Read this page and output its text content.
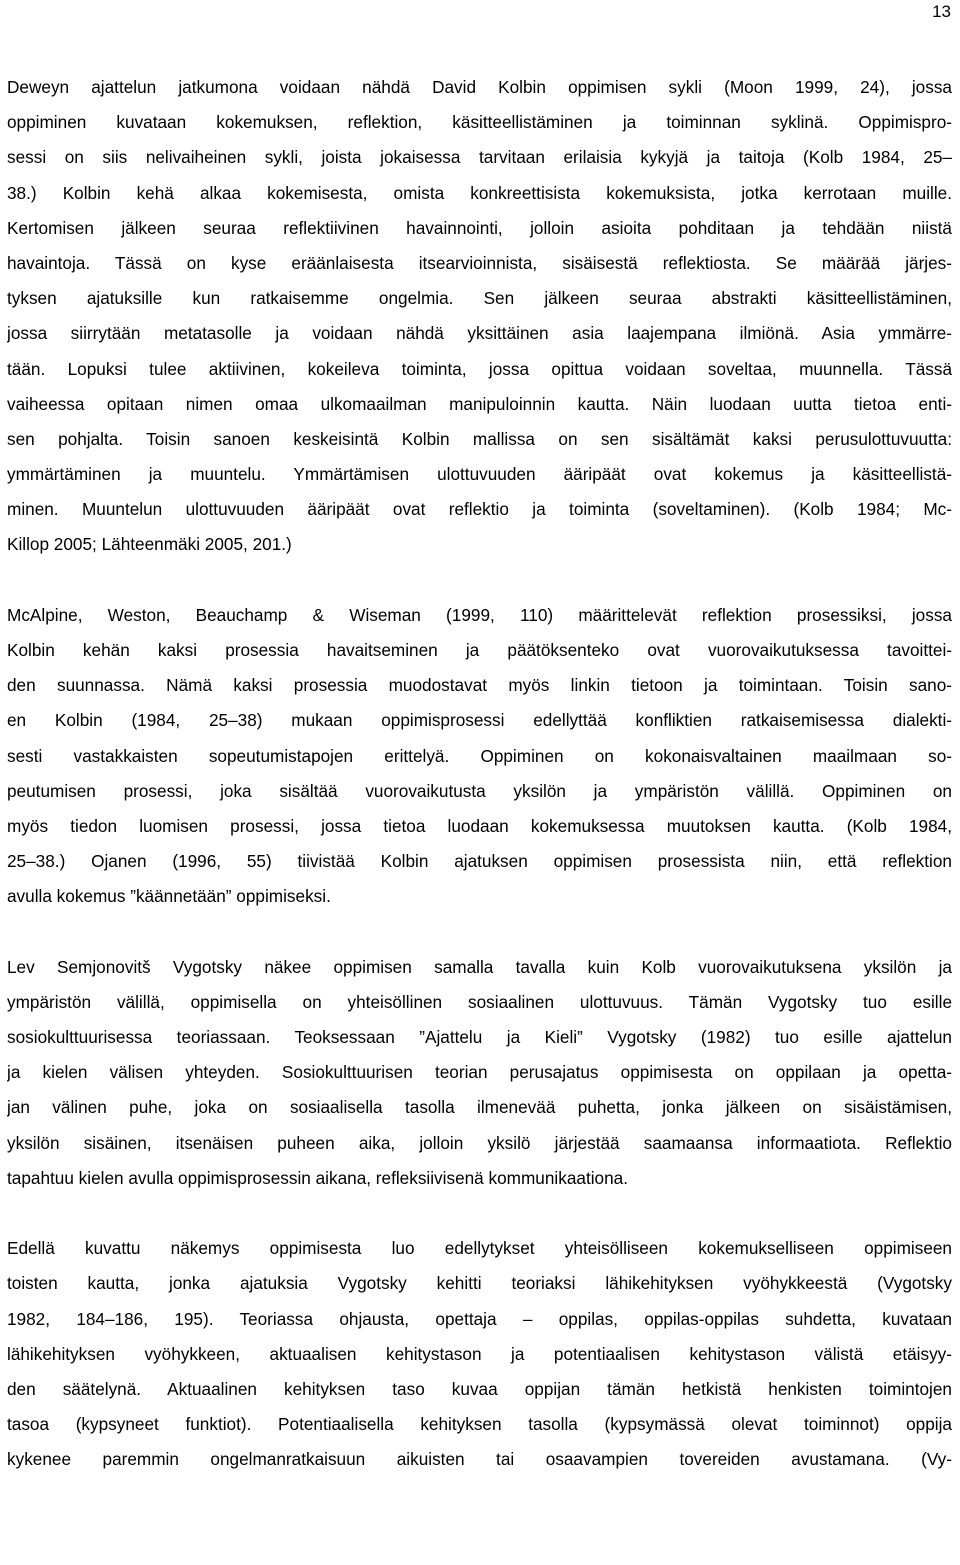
13
Deweyn ajattelun jatkumona voidaan nähdä David Kolbin oppimisen sykli (Moon 1999, 24), jossa
oppiminen kuvataan kokemuksen, reflektion, käsitteellistäminen ja toiminnan syklinä. Oppimispro-
sessi on siis nelivaiheinen sykli, joista jokaisessa tarvitaan erilaisia kykyjä ja taitoja (Kolb 1984, 25–
38.) Kolbin kehä alkaa kokemisesta, omista konkreettisista kokemuksista, jotka kerrotaan muille.
Kertomisen jälkeen seuraa reflektiivinen havainnointi, jolloin asioita pohditaan ja tehdään niistä
havaintoja. Tässä on kyse eräänlaisesta itsearvioinnista, sisäisestä reflektiosta. Se määrää järjes-
tyksen ajatuksille kun ratkaisemme ongelmia. Sen jälkeen seuraa abstrakti käsitteellistäminen,
jossa siirrytään metatasolle ja voidaan nähdä yksittäinen asia laajempana ilmiönä. Asia ymmärre-
tään. Lopuksi tulee aktiivinen, kokeileva toiminta, jossa opittua voidaan soveltaa, muunnella. Tässä
vaiheessa opitaan nimen omaa ulkomaailman manipuloinnin kautta. Näin luodaan uutta tietoa enti-
sen pohjalta. Toisin sanoen keskeisintä Kolbin mallissa on sen sisältämät kaksi perusulottuvuutta:
ymmärtäminen ja muuntelu. Ymmärtämisen ulottuvuuden ääripäät ovat kokemus ja käsitteellistä-
minen. Muuntelun ulottuvuuden ääripäät ovat reflektio ja toiminta (soveltaminen). (Kolb 1984; Mc-
Killop 2005; Lähteenmäki 2005, 201.)
McAlpine, Weston, Beauchamp & Wiseman (1999, 110) määrittelevät reflektion prosessiksi, jossa
Kolbin kehän kaksi prosessia havaitseminen ja päätöksenteko ovat vuorovaikutuksessa tavoittei-
den suunnassa. Nämä kaksi prosessia muodostavat myös linkin tietoon ja toimintaan. Toisin sano-
en Kolbin (1984, 25–38) mukaan oppimisprosessi edellyttää konfliktien ratkaisemisessa dialekti-
sesti vastakkaisten sopeutumistapojen erittelyä. Oppiminen on kokonaisvaltainen maailmaan so-
peutumisen prosessi, joka sisältää vuorovaikutusta yksilön ja ympäristön välillä. Oppiminen on
myös tiedon luomisen prosessi, jossa tietoa luodaan kokemuksessa muutoksen kautta. (Kolb 1984,
25–38.) Ojanen (1996, 55) tiivistää Kolbin ajatuksen oppimisen prosessista niin, että reflektion
avulla kokemus ”käännetään” oppimiseksi.
Lev Semjonovitš Vygotsky näkee oppimisen samalla tavalla kuin Kolb vuorovaikutuksena yksilön ja
ympäristön välillä, oppimisella on yhteisöllinen sosiaalinen ulottuvuus. Tämän Vygotsky tuo esille
sosiokulttuurisessa teoriassaan. Teoksessaan ”Ajattelu ja Kieli” Vygotsky (1982) tuo esille ajattelun
ja kielen välisen yhteyden. Sosiokulttuurisen teorian perusajatus oppimisesta on oppilaan ja opetta-
jan välinen puhe, joka on sosiaalisella tasolla ilmenevää puhetta, jonka jälkeen on sisäistämisen,
yksilön sisäinen, itsenäisen puheen aika, jolloin yksilö järjestää saamaansa informaatiota. Reflektio
tapahtuu kielen avulla oppimisprosessin aikana, refleksiivisenä kommunikaationa.
Edellä kuvattu näkemys oppimisesta luo edellytykset yhteisölliseen kokemukselliseen oppimiseen
toisten kautta, jonka ajatuksia Vygotsky kehitti teoriaksi lähikehityksen vyöhykkeestä (Vygotsky
1982, 184–186, 195). Teoriassa ohjausta, opettaja – oppilas, oppilas-oppilas suhdetta, kuvataan
lähikehityksen vyöhykkeen, aktuaalisen kehitystason ja potentiaalisen kehitystason välistä etäisyy-
den säätelynä. Aktuaalinen kehityksen taso kuvaa oppijan tämän hetkistä henkisten toimintojen
tasoa (kypsyneet funktiot). Potentiaalisella kehityksen tasolla (kypsymässä olevat toiminnot) oppija
kykenee paremmin ongelmanratkaisuun aikuisten tai osaavampien tovereiden avustamana. (Vy-
